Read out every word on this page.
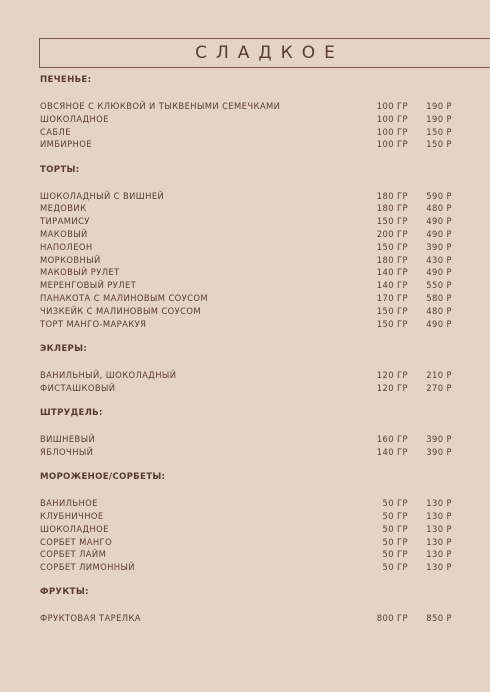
СЛАДКОЕ
ПЕЧЕНЬЕ:
ОВСЯНОЕ С КЛЮКВОЙ И ТЫКВЕНЫМИ СЕМЕЧКАМИ	100 ГР	190 Р
ШОКОЛАДНОЕ	100 ГР	190 Р
САБЛЕ	100 ГР	150 Р
ИМБИРНОЕ	100 ГР	150 Р
ТОРТЫ:
ШОКОЛАДНЫЙ С ВИШНЕЙ	180 ГР	590 Р
МЕДОВИК	180 ГР	480 Р
ТИРАМИСУ	150 ГР	490 Р
МАКОВЫЙ	200 ГР	490 Р
НАПОЛЕОН	150 ГР	390 Р
МОРКОВНЫЙ	180 ГР	430 Р
МАКОВЫЙ РУЛЕТ	140 ГР	490 Р
МЕРЕНГОВЫЙ РУЛЕТ	140 ГР	550 Р
ПАНАКОТА С МАЛИНОВЫМ СОУСОМ	170 ГР	580 Р
ЧИЗКЕЙК С МАЛИНОВЫМ СОУСОМ	150 ГР	480 Р
ТОРТ МАНГО-МАРАКУЯ	150 ГР	490 Р
ЭКЛЕРЫ:
ВАНИЛЬНЫЙ, ШОКОЛАДНЫЙ	120 ГР	210 Р
ФИСТАШКОВЫЙ	120 ГР	270 Р
ШТРУДЕЛЬ:
ВИШНЕВЫЙ	160 ГР	390 Р
ЯБЛОЧНЫЙ	140 ГР	390 Р
МОРОЖЕНОЕ/СОРБЕТЫ:
ВАНИЛЬНОЕ	50 ГР	130 Р
КЛУБНИЧНОЕ	50 ГР	130 Р
ШОКОЛАДНОЕ	50 ГР	130 Р
СОРБЕТ МАНГО	50 ГР	130 Р
СОРБЕТ ЛАЙМ	50 ГР	130 Р
СОРБЕТ ЛИМОННЫЙ	50 ГР	130 Р
ФРУКТЫ:
ФРУКТОВАЯ ТАРЕЛКА	800 ГР	850 Р
